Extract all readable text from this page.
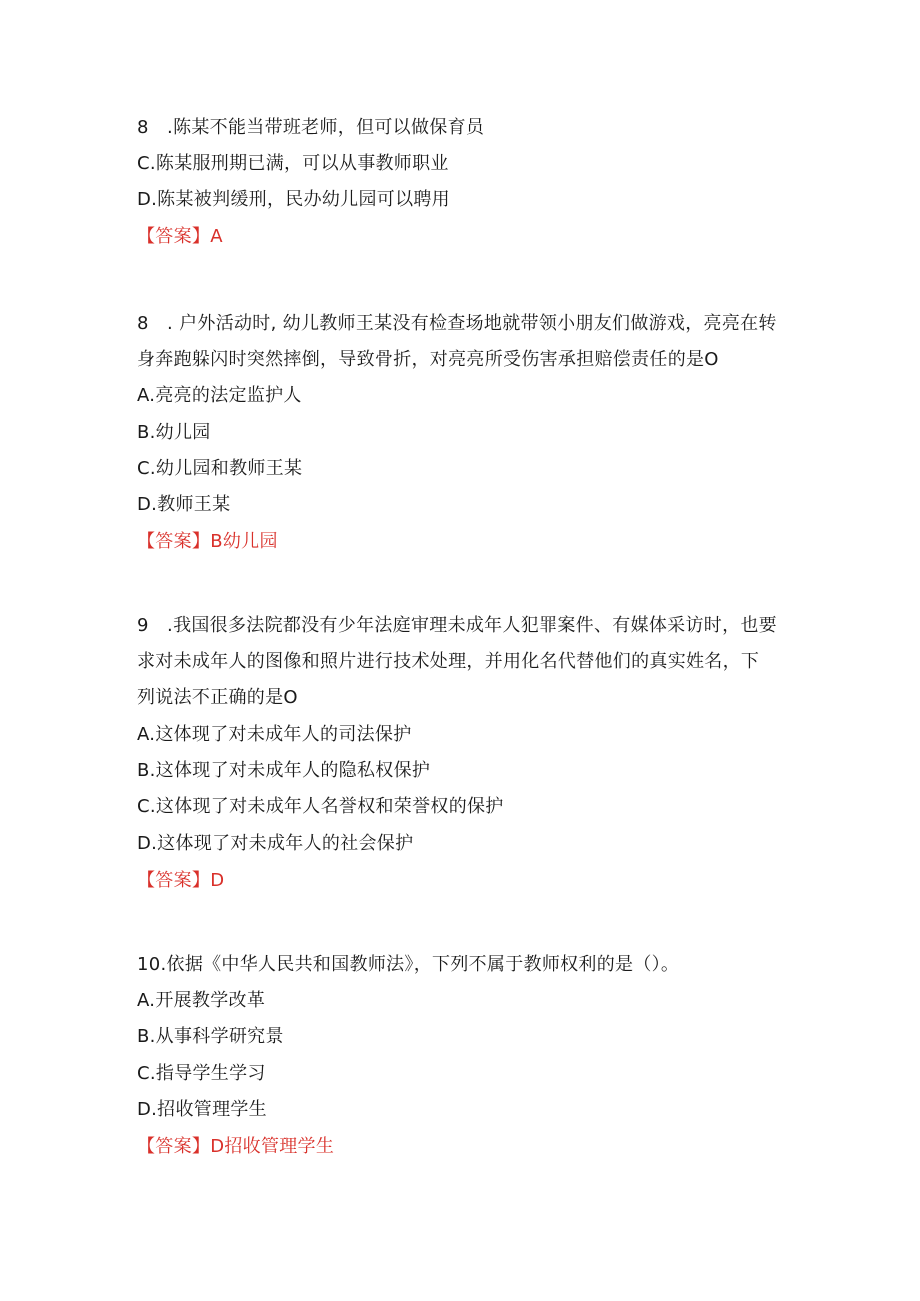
8　.陈某不能当带班老师，但可以做保育员
C.陈某服刑期已满，可以从事教师职业
D.陈某被判缓刑，民办幼儿园可以聘用
【答案】A
8　. 户外活动时, 幼儿教师王某没有检查场地就带领小朋友们做游戏，亮亮在转
身奔跑躲闪时突然摔倒，导致骨折，对亮亮所受伤害承担赔偿责任的是O
A.亮亮的法定监护人
B.幼儿园
C.幼儿园和教师王某
D.教师王某
【答案】B幼儿园
9　.我国很多法院都没有少年法庭审理未成年人犯罪案件、有媒体采访时，也要
求对未成年人的图像和照片进行技术处理，并用化名代替他们的真实姓名，下
列说法不正确的是O
A.这体现了对未成年人的司法保护
B.这体现了对未成年人的隐私权保护
C.这体现了对未成年人名誉权和荣誉权的保护
D.这体现了对未成年人的社会保护
【答案】D
10.依据《中华人民共和国教师法》，下列不属于教师权利的是（）。
A.开展教学改革
B.从事科学研究景
C.指导学生学习
D.招收管理学生
【答案】D招收管理学生
